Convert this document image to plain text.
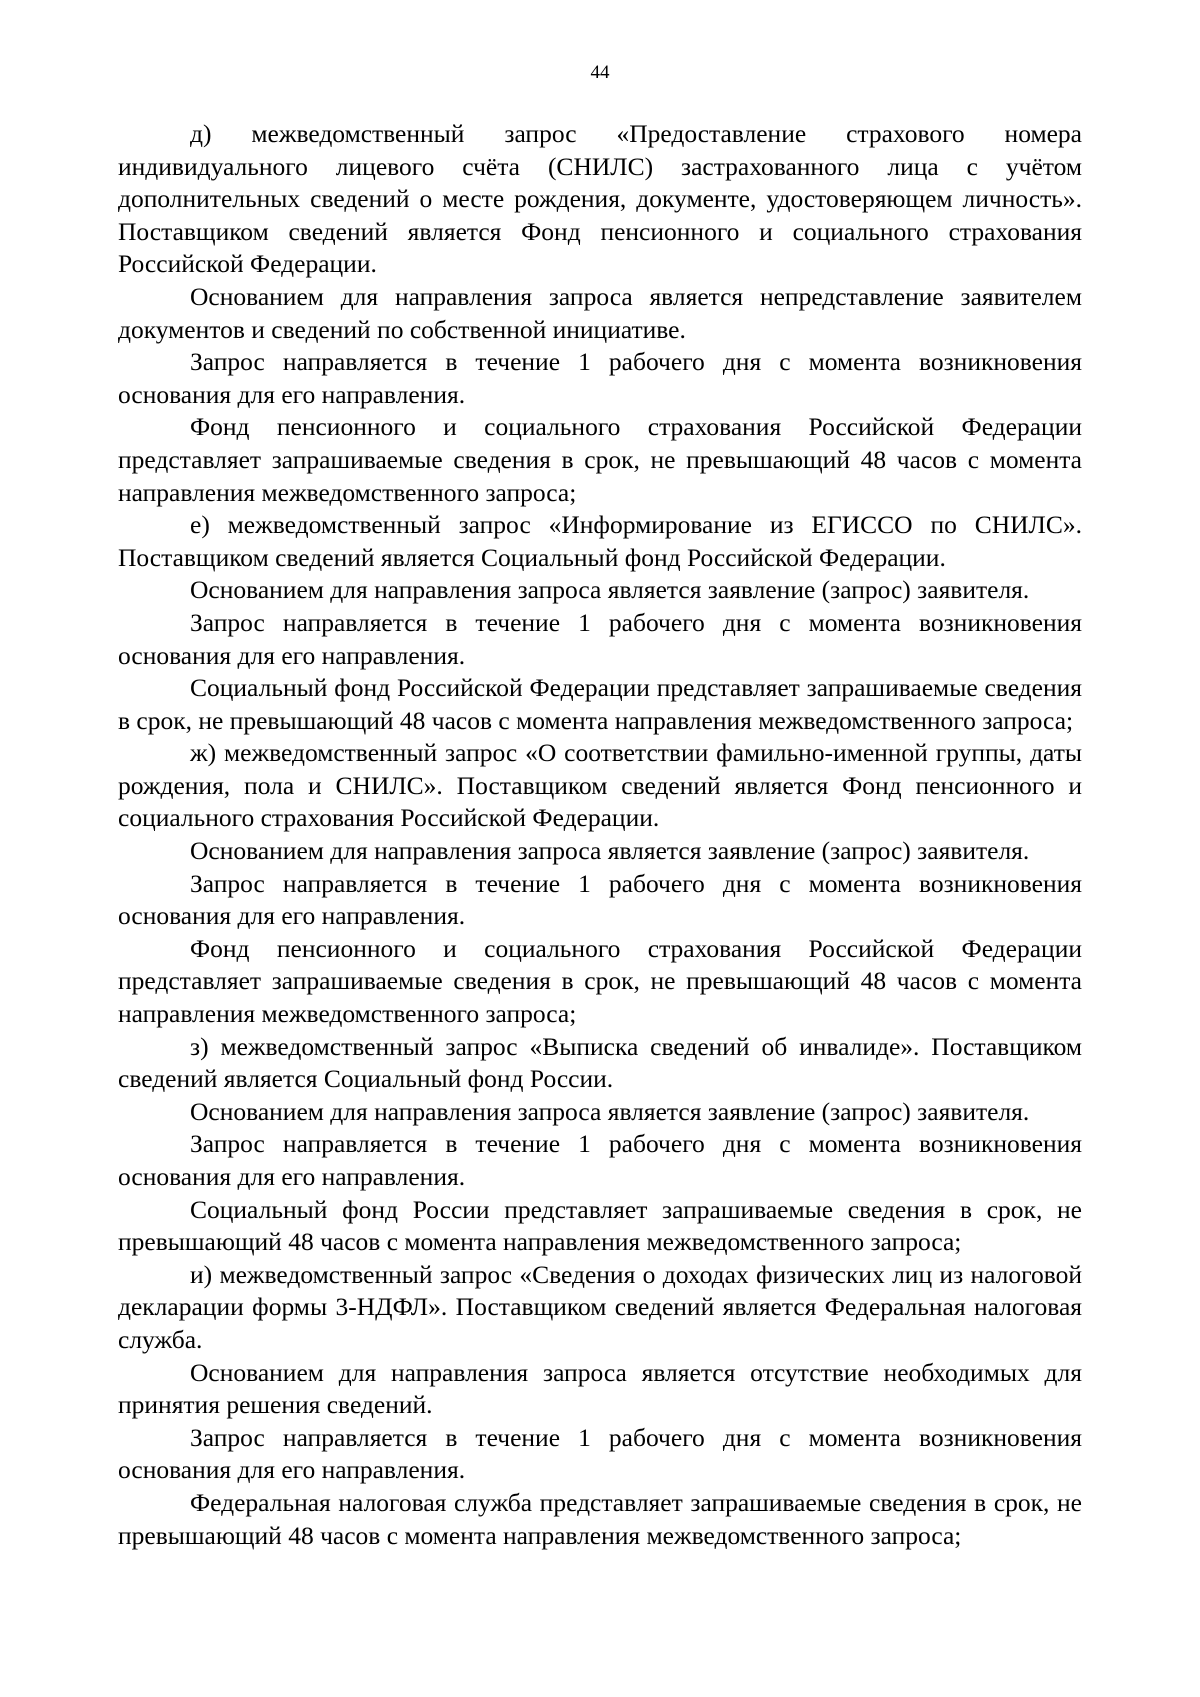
44

д) межведомственный запрос «Предоставление страхового номера индивидуального лицевого счёта (СНИЛС) застрахованного лица с учётом дополнительных сведений о месте рождения, документе, удостоверяющем личность». Поставщиком сведений является Фонд пенсионного и социального страхования Российской Федерации.

Основанием для направления запроса является непредставление заявителем документов и сведений по собственной инициативе.

Запрос направляется в течение 1 рабочего дня с момента возникновения основания для его направления.

Фонд пенсионного и социального страхования Российской Федерации представляет запрашиваемые сведения в срок, не превышающий 48 часов с момента направления межведомственного запроса;

е) межведомственный запрос «Информирование из ЕГИССО по СНИЛС». Поставщиком сведений является Социальный фонд Российской Федерации.

Основанием для направления запроса является заявление (запрос) заявителя.

Запрос направляется в течение 1 рабочего дня с момента возникновения основания для его направления.

Социальный фонд Российской Федерации представляет запрашиваемые сведения в срок, не превышающий 48 часов с момента направления межведомственного запроса;

ж) межведомственный запрос «О соответствии фамильно-именной группы, даты рождения, пола и СНИЛС». Поставщиком сведений является Фонд пенсионного и социального страхования Российской Федерации.

Основанием для направления запроса является заявление (запрос) заявителя.

Запрос направляется в течение 1 рабочего дня с момента возникновения основания для его направления.

Фонд пенсионного и социального страхования Российской Федерации представляет запрашиваемые сведения в срок, не превышающий 48 часов с момента направления межведомственного запроса;

з) межведомственный запрос «Выписка сведений об инвалиде». Поставщиком сведений является Социальный фонд России.

Основанием для направления запроса является заявление (запрос) заявителя.

Запрос направляется в течение 1 рабочего дня с момента возникновения основания для его направления.

Социальный фонд России представляет запрашиваемые сведения в срок, не превышающий 48 часов с момента направления межведомственного запроса;

и) межведомственный запрос «Сведения о доходах физических лиц из налоговой декларации формы 3-НДФЛ». Поставщиком сведений является Федеральная налоговая служба.

Основанием для направления запроса является отсутствие необходимых для принятия решения сведений.

Запрос направляется в течение 1 рабочего дня с момента возникновения основания для его направления.

Федеральная налоговая служба представляет запрашиваемые сведения в срок, не превышающий 48 часов с момента направления межведомственного запроса;
